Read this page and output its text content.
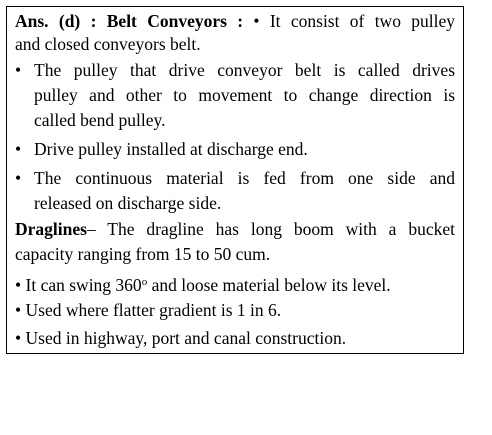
Ans. (d) : Belt Conveyors : • It consist of two pulley
and closed conveyors belt.
• The pulley that drive conveyor belt is called drives
pulley and other to movement to change direction is
called bend pulley.
• Drive pulley installed at discharge end.
• The continuous material is fed from one side and
released on discharge side.
Draglines– The dragline has long boom with a bucket
capacity ranging from 15 to 50 cum.
• It can swing 360$^o$ and loose material below its level.
• Used where flatter gradient is 1 in 6.
• Used in highway, port and canal construction.
